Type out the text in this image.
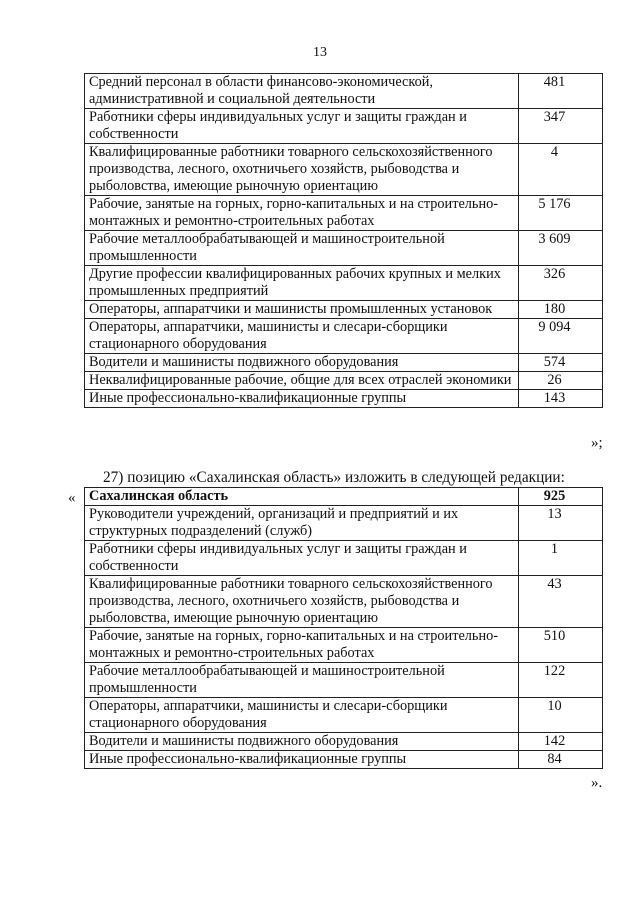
13
Средний персонал в области финансово-экономической, административной и социальной деятельности	481
Работники сферы индивидуальных услуг и защиты граждан и собственности	347
Квалифицированные работники товарного сельскохозяйственного производства, лесного, охотничьего хозяйств, рыбоводства и рыболовства, имеющие рыночную ориентацию	4
Рабочие, занятые на горных, горно-капитальных и на строительно-монтажных и ремонтно-строительных работах	5 176
Рабочие металлообрабатывающей и машиностроительной промышленности	3 609
Другие профессии квалифицированных рабочих крупных и мелких промышленных предприятий	326
Операторы, аппаратчики и машинисты промышленных установок	180
Операторы, аппаратчики, машинисты и слесари-сборщики стационарного оборудования	9 094
Водители и машинисты подвижного оборудования	574
Неквалифицированные рабочие, общие для всех отраслей экономики	26
Иные профессионально-квалификационные группы	143
»;
27) позицию «Сахалинская область» изложить в следующей редакции:
« Сахалинская область	925
Руководители учреждений, организаций и предприятий и их структурных подразделений (служб)	13
Работники сферы индивидуальных услуг и защиты граждан и собственности	1
Квалифицированные работники товарного сельскохозяйственного производства, лесного, охотничьего хозяйств, рыбоводства и рыболовства, имеющие рыночную ориентацию	43
Рабочие, занятые на горных, горно-капитальных и на строительно-монтажных и ремонтно-строительных работах	510
Рабочие металлообрабатывающей и машиностроительной промышленности	122
Операторы, аппаратчики, машинисты и слесари-сборщики стационарного оборудования	10
Водители и машинисты подвижного оборудования	142
Иные профессионально-квалификационные группы	84
».
